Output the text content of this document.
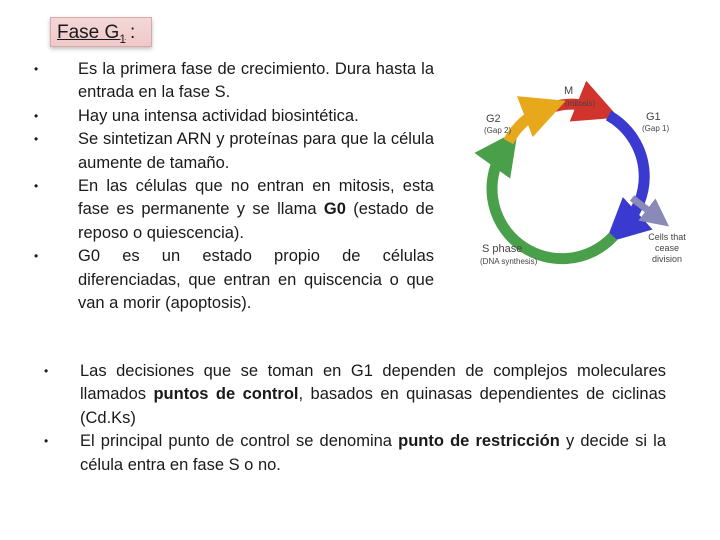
Fase $G_1$ :
• Es la primera fase de crecimiento. Dura hasta la entrada en la fase S.
• Hay una intensa actividad biosintética.
• Se sintetizan ARN y proteínas para que la célula aumente de tamaño.
• En las células que no entran en mitosis, esta fase es permanente y se llama G0 (estado de reposo o quiescencia).
• G0 es un estado propio de células diferenciadas, que entran en quiscencia o que van a morir (apoptosis).
M
(mitosis)
G1
(Gap 1)
G2
(Gap 2)
S phase
(DNA synthesis)
Cells that
cease
division
• Las decisiones que se toman en G1 dependen de complejos moleculares llamados puntos de control, basados en quinasas dependientes de ciclinas (Cd.Ks)
• El principal punto de control se denomina punto de restricción y decide si la célula entra en fase S o no.
